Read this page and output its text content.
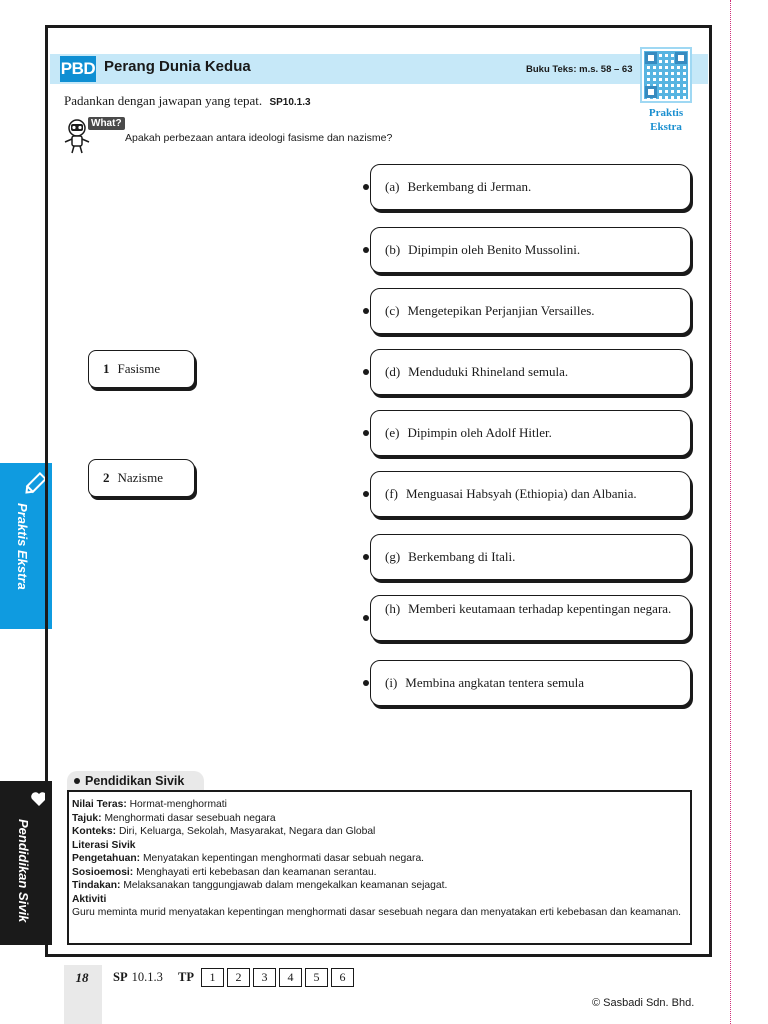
Praktis Ekstra
Pendidikan Sivik
PBD Perang Dunia Kedua	Buku Teks: m.s. 58 – 63
Praktis
Ekstra
Padankan dengan jawapan yang tepat. SP10.1.3
What?
Apakah perbezaan antara ideologi fasisme dan nazisme?
1 Fasisme
2 Nazisme
(a) Berkembang di Jerman.
(b) Dipimpin oleh Benito Mussolini.
(c) Mengetepikan Perjanjian Versailles.
(d) Menduduki Rhineland semula.
(e) Dipimpin oleh Adolf Hitler.
(f) Menguasai Habsyah (Ethiopia) dan Albania.
(g) Berkembang di Itali.
(h) Memberi keutamaan terhadap kepentingan negara.
(i) Membina angkatan tentera semula
Pendidikan Sivik
Nilai Teras: Hormat-menghormati
Tajuk: Menghormati dasar sesebuah negara
Konteks: Diri, Keluarga, Sekolah, Masyarakat, Negara dan Global
Literasi Sivik
Pengetahuan: Menyatakan kepentingan menghormati dasar sebuah negara.
Sosioemosi: Menghayati erti kebebasan dan keamanan serantau.
Tindakan: Melaksanakan tanggungjawab dalam mengekalkan keamanan sejagat.
Aktiviti
Guru meminta murid menyatakan kepentingan menghormati dasar sesebuah negara dan menyatakan erti kebebasan dan keamanan.
18	SP 10.1.3 TP	1	2	3	4	5	6
© Sasbadi Sdn. Bhd.
